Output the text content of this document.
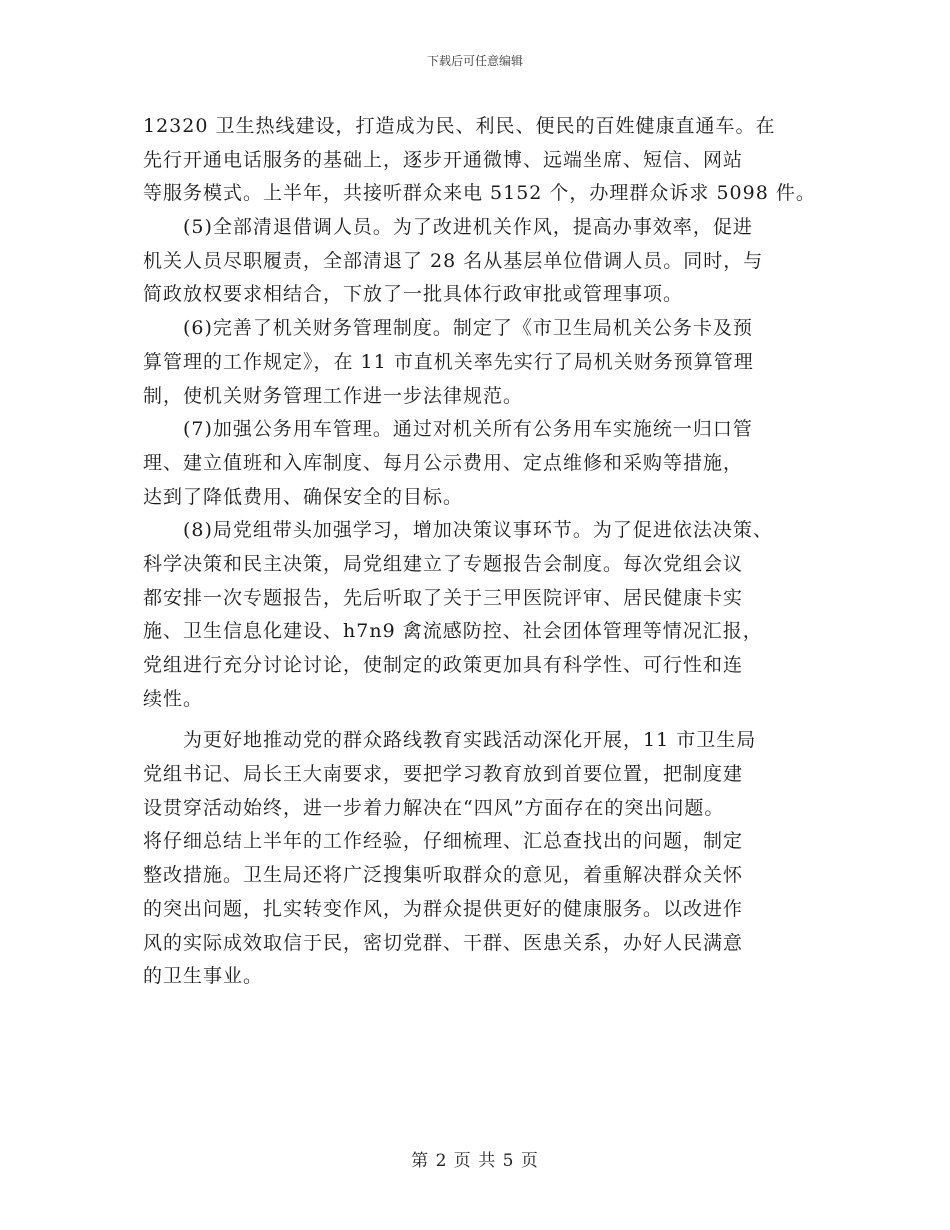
下载后可任意编辑
12320 卫生热线建设，打造成为民、利民、便民的百姓健康直通车。在
先行开通电话服务的基础上，逐步开通微博、远端坐席、短信、网站
等服务模式。上半年，共接听群众来电 5152 个，办理群众诉求 5098 件。
　　(5)全部清退借调人员。为了改进机关作风，提高办事效率，促进
机关人员尽职履责，全部清退了 28 名从基层单位借调人员。同时，与
简政放权要求相结合，下放了一批具体行政审批或管理事项。
　　(6)完善了机关财务管理制度。制定了《市卫生局机关公务卡及预
算管理的工作规定》，在 11 市直机关率先实行了局机关财务预算管理
制，使机关财务管理工作进一步法律规范。
　　(7)加强公务用车管理。通过对机关所有公务用车实施统一归口管
理、建立值班和入库制度、每月公示费用、定点维修和采购等措施，
达到了降低费用、确保安全的目标。
　　(8)局党组带头加强学习，增加决策议事环节。为了促进依法决策、
科学决策和民主决策，局党组建立了专题报告会制度。每次党组会议
都安排一次专题报告，先后听取了关于三甲医院评审、居民健康卡实
施、卫生信息化建设、h7n9 禽流感防控、社会团体管理等情况汇报，
党组进行充分讨论讨论，使制定的政策更加具有科学性、可行性和连
续性。
　　为更好地推动党的群众路线教育实践活动深化开展，11 市卫生局
党组书记、局长王大南要求，要把学习教育放到首要位置，把制度建
设贯穿活动始终，进一步着力解决在“四风”方面存在的突出问题。
将仔细总结上半年的工作经验，仔细梳理、汇总查找出的问题，制定
整改措施。卫生局还将广泛搜集听取群众的意见，着重解决群众关怀
的突出问题，扎实转变作风，为群众提供更好的健康服务。以改进作
风的实际成效取信于民，密切党群、干群、医患关系，办好人民满意
的卫生事业。
第 2 页 共 5 页
